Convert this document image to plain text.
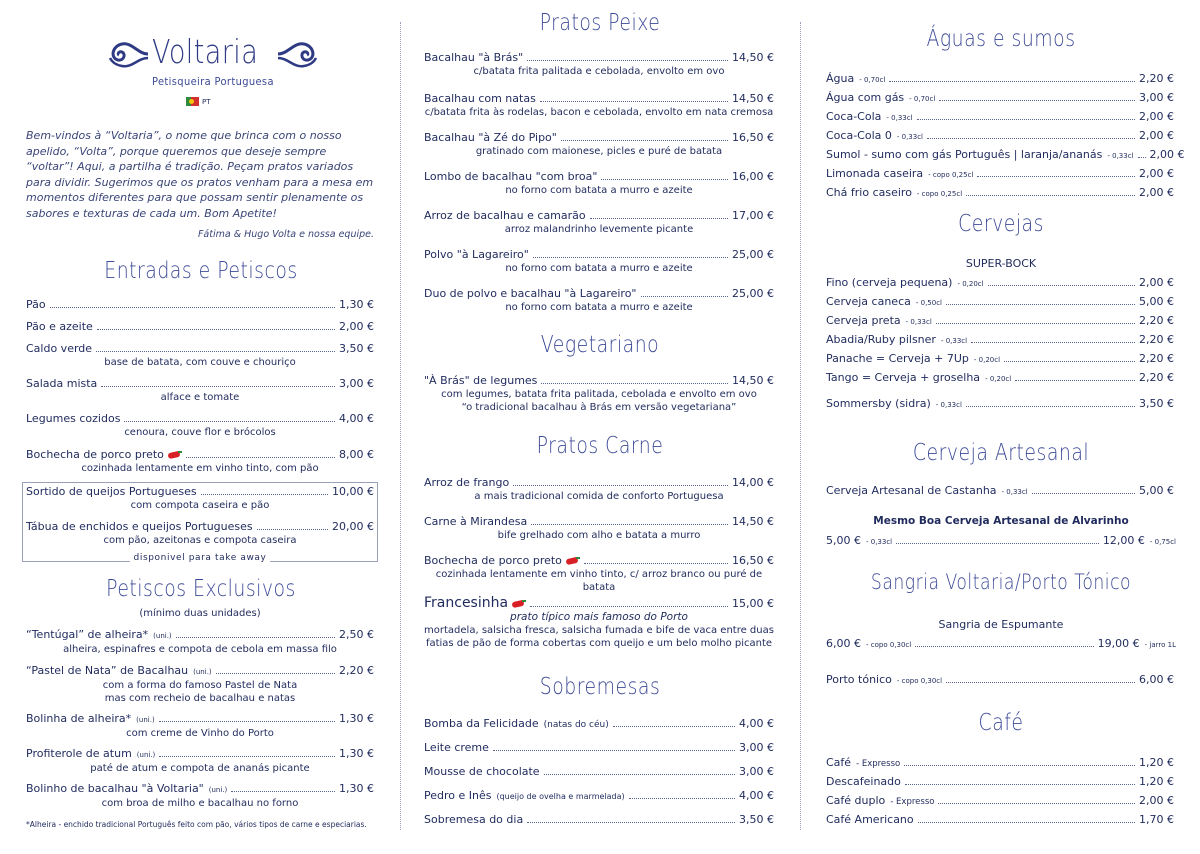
Voltaria
Petisqueira Portuguesa
PT
Bem-vindos à “Voltaria”, o nome que brinca com o nosso apelido, “Volta”, porque queremos que deseje sempre “voltar”! Aqui, a partilha é tradição. Peçam pratos variados para dividir. Sugerimos que os pratos venham para a mesa em momentos diferentes para que possam sentir plenamente os sabores e texturas de cada um. Bom Apetite!
Fátima & Hugo Volta e nossa equipe.
Entradas e Petiscos
Pão	1,30 €
Pão e azeite	2,00 €
Caldo verde	3,50 €
base de batata, com couve e chouriço
Salada mista	3,00 €
alface e tomate
Legumes cozidos	4,00 €
cenoura, couve flor e brócolos
Bochecha de porco preto	8,00 €
cozinhada lentamente em vinho tinto, com pão
Sortido de queijos Portugueses	10,00 €
com compota caseira e pão
Tábua de enchidos e queijos Portugueses	20,00 €
com pão, azeitonas e compota caseira
disponivel para take away
Petiscos Exclusivos
(mínimo duas unidades)
“Tentúgal” de alheira* (uni.)	2,50 €
alheira, espinafres e compota de cebola em massa filo
“Pastel de Nata” de Bacalhau (uni.)	2,20 €
com a forma do famoso Pastel de Nata
mas com recheio de bacalhau e natas
Bolinha de alheira* (uni.)	1,30 €
com creme de Vinho do Porto
Profiterole de atum (uni.)	1,30 €
paté de atum e compota de ananás picante
Bolinho de bacalhau "à Voltaria" (uni.)	1,30 €
com broa de milho e bacalhau no forno
*Alheira - enchido tradicional Português feito com pão, vários tipos de carne e especiarias.
Pratos Peixe
Bacalhau "à Brás"	14,50 €
c/batata frita palitada e cebolada, envolto em ovo
Bacalhau com natas	14,50 €
c/batata frita às rodelas, bacon e cebolada, envolto em nata cremosa
Bacalhau "à Zé do Pipo"	16,50 €
gratinado com maionese, picles e puré de batata
Lombo de bacalhau "com broa"	16,00 €
no forno com batata a murro e azeite
Arroz de bacalhau e camarão	17,00 €
arroz malandrinho levemente picante
Polvo "à Lagareiro"	25,00 €
no forno com batata a murro e azeite
Duo de polvo e bacalhau "à Lagareiro"	25,00 €
no forno com batata a murro e azeite
Vegetariano
"À Brás" de legumes	14,50 €
com legumes, batata frita palitada, cebolada e envolto em ovo
“o tradicional bacalhau à Brás em versão vegetariana”
Pratos Carne
Arroz de frango	14,00 €
a mais tradicional comida de conforto Portuguesa
Carne à Mirandesa	14,50 €
bife grelhado com alho e batata a murro
Bochecha de porco preto	16,50 €
cozinhada lentamente em vinho tinto, c/ arroz branco ou puré de batata
Francesinha	15,00 €
prato típico mais famoso do Porto
mortadela, salsicha fresca, salsicha fumada e bife de vaca entre duas
fatias de pão de forma cobertas com queijo e um belo molho picante
Sobremesas
Bomba da Felicidade (natas do céu)	4,00 €
Leite creme	3,00 €
Mousse de chocolate	3,00 €
Pedro e Inês (queijo de ovelha e marmelada)	4,00 €
Sobremesa do dia	3,50 €
Águas e sumos
Água - 0,70cl	2,20 €
Água com gás - 0,70cl	3,00 €
Coca-Cola - 0,33cl	2,00 €
Coca-Cola 0 - 0,33cl	2,00 €
Sumol - sumo com gás Português | laranja/ananás - 0,33cl 2,00 €
Limonada caseira - copo 0,25cl	2,00 €
Chá frio caseiro - copo 0,25cl	2,00 €
Cervejas
SUPER-BOCK
Fino (cerveja pequena) - 0,20cl	2,00 €
Cerveja caneca - 0,50cl	5,00 €
Cerveja preta - 0,33cl	2,20 €
Abadia/Ruby pilsner - 0,33cl	2,20 €
Panache = Cerveja + 7Up - 0,20cl	2,20 €
Tango = Cerveja + groselha - 0,20cl	2,20 €
Sommersby (sidra) - 0,33cl	3,50 €
Cerveja Artesanal
Cerveja Artesanal de Castanha - 0,33cl	5,00 €
Mesmo Boa Cerveja Artesanal de Alvarinho
5,00 € - 0,33cl	12,00 € - 0,75cl
Sangria Voltaria/Porto Tónico
Sangria de Espumante
6,00 € - copo 0,30cl	19,00 € - jarro 1L
Porto tónico - copo 0,30cl	6,00 €
Café
Café - Expresso	1,20 €
Descafeinado	1,20 €
Café duplo - Expresso	2,00 €
Café Americano	1,70 €
